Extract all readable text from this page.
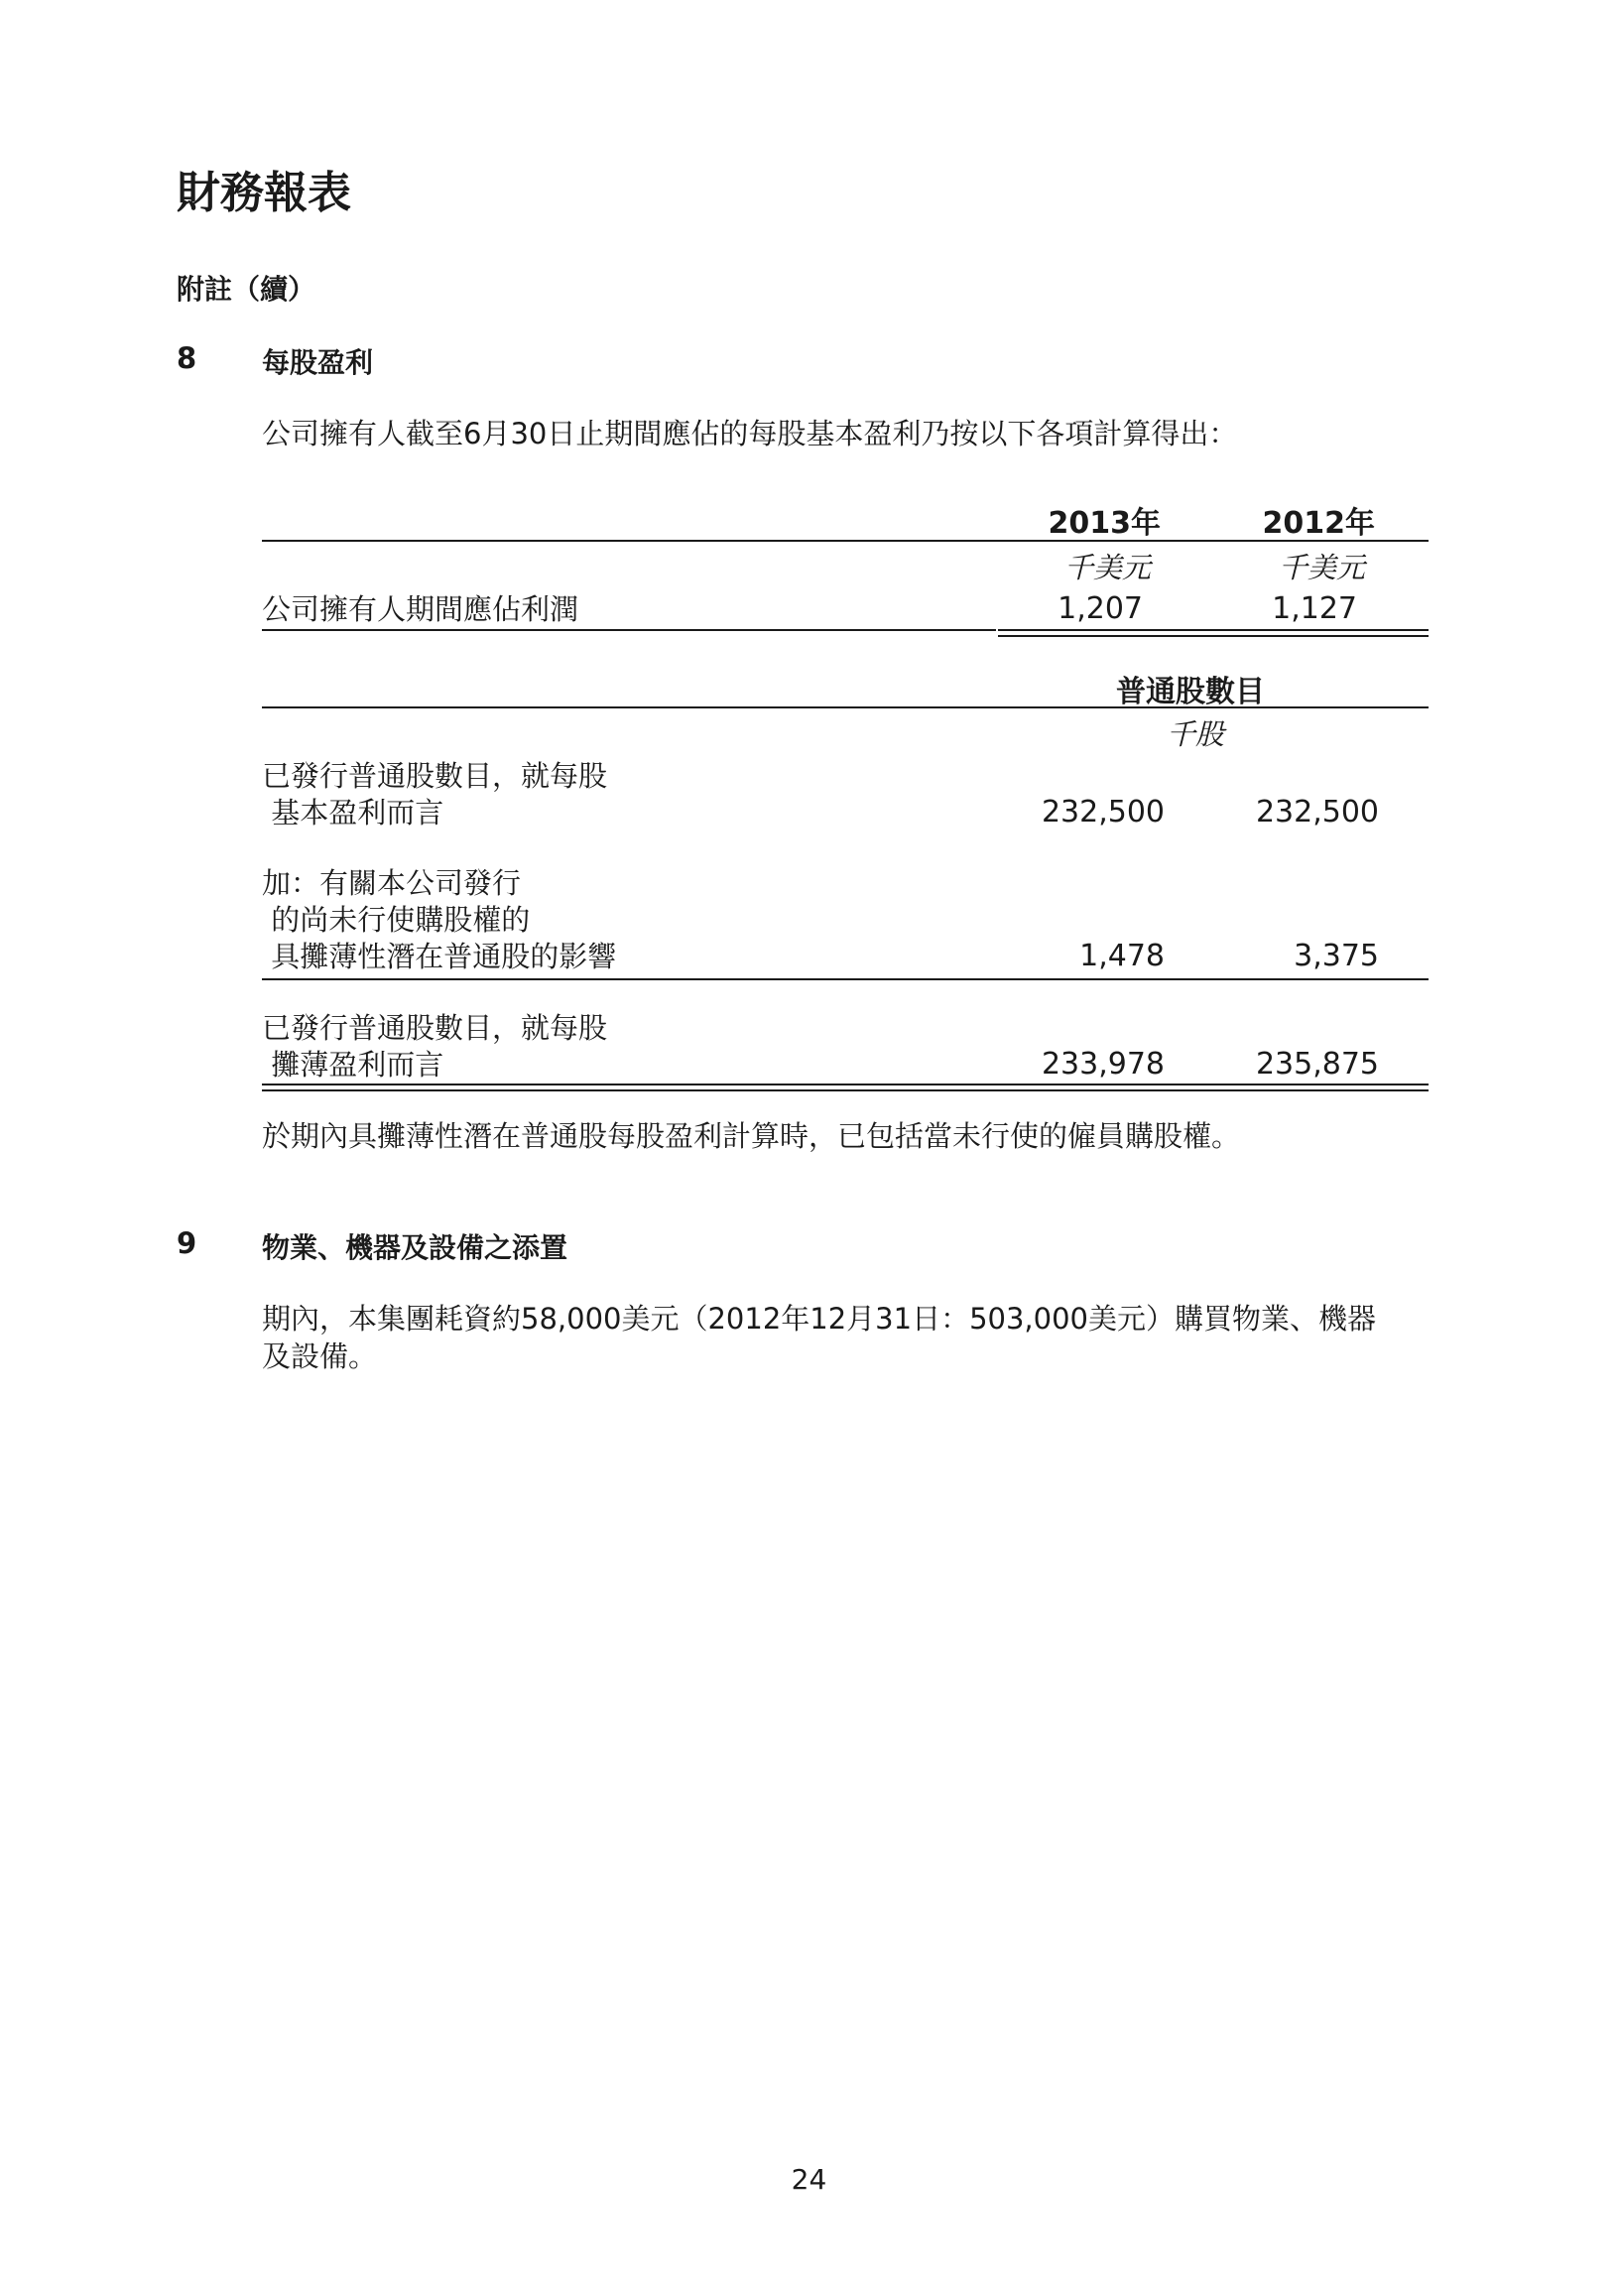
財務報表
附註（續）
8 每股盈利
公司擁有人截至6月30日止期間應佔的每股基本盈利乃按以下各項計算得出：
2013年	2012年
千美元	千美元
公司擁有人期間應佔利潤	1,207	1,127
普通股數目
千股
已發行普通股數目，就每股
基本盈利而言	232,500	232,500
加：有關本公司發行
的尚未行使購股權的
具攤薄性潛在普通股的影響	1,478	3,375
已發行普通股數目，就每股
攤薄盈利而言	233,978	235,875
於期內具攤薄性潛在普通股每股盈利計算時，已包括當未行使的僱員購股權。
9 物業、機器及設備之添置
期內，本集團耗資約58,000美元（2012年12月31日：503,000美元）購買物業、機器
及設備。
24
